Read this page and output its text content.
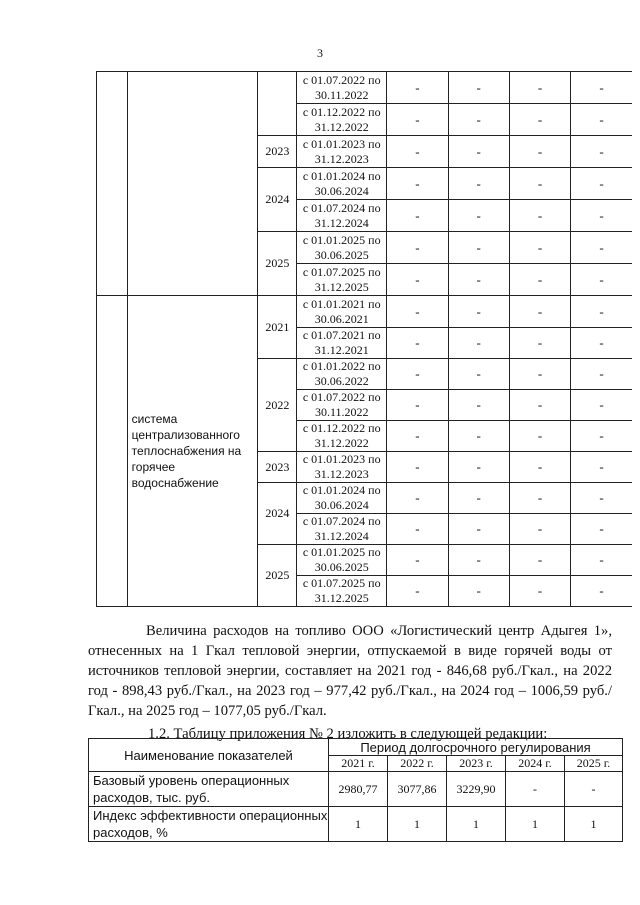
3
			с 01.07.2022 по 30.11.2022	-	-	-	-
			с 01.12.2022 по 31.12.2022	-	-	-	-
		2023	с 01.01.2023 по 31.12.2023	-	-	-	-
		2024	с 01.01.2024 по 30.06.2024	-	-	-	-
			с 01.07.2024 по 31.12.2024	-	-	-	-
		2025	с 01.01.2025 по 30.06.2025	-	-	-	-
			с 01.07.2025 по 31.12.2025	-	-	-	-
	система централизованного теплоснабжения на горячее водоснабжение	2021	с 01.01.2021 по 30.06.2021	-	-	-	-
			с 01.07.2021 по 31.12.2021	-	-	-	-
		2022	с 01.01.2022 по 30.06.2022	-	-	-	-
			с 01.07.2022 по 30.11.2022	-	-	-	-
			с 01.12.2022 по 31.12.2022	-	-	-	-
		2023	с 01.01.2023 по 31.12.2023	-	-	-	-
		2024	с 01.01.2024 по 30.06.2024	-	-	-	-
			с 01.07.2024 по 31.12.2024	-	-	-	-
		2025	с 01.01.2025 по 30.06.2025	-	-	-	-
			с 01.07.2025 по 31.12.2025	-	-	-	-
Величина расходов на топливо ООО «Логистический центр Адыгея 1», отнесенных на 1 Гкал тепловой энергии, отпускаемой в виде горячей воды от источников тепловой энергии, составляет на 2021 год - 846,68 руб./Гкал., на 2022 год - 898,43 руб./Гкал., на 2023 год – 977,42 руб./Гкал., на 2024 год – 1006,59 руб./Гкал., на 2025 год – 1077,05 руб./Гкал.
1.2. Таблицу приложения № 2 изложить в следующей редакции:
Наименование показателей	Период долгосрочного регулирования				
	2021 г.	2022 г.	2023 г.	2024 г.	2025 г.
Базовый уровень операционных расходов, тыс. руб.	2980,77	3077,86	3229,90	-	-
Индекс эффективности операционных расходов, %	1	1	1	1	1
